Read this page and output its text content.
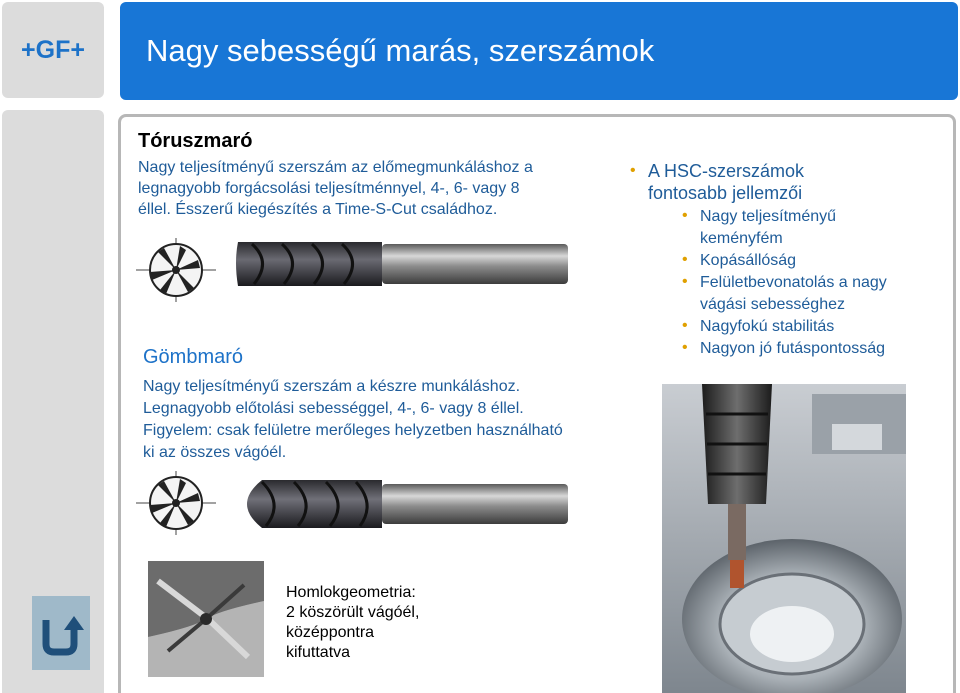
+GF+ Nagy sebességű marás, szerszámok
Tóruszmaró
Nagy teljesítményű szerszám az előmegmunkáláshoz a
legnagyobb forgácsolási teljesítménnyel, 4-, 6- vagy 8
éllel. Ésszerű kiegészítés a Time-S-Cut családhoz.
Gömbmaró
Nagy teljesítményű szerszám a készre munkáláshoz.
Legnagyobb előtolási sebességgel, 4-, 6- vagy 8 éllel.
Figyelem: csak felületre merőleges helyzetben használható
ki az összes vágóél.
• A HSC-szerszámok
fontosabb jellemzői
• Nagy teljesítményű
keményfém
• Kopásállóság
• Felületbevonatolás a nagy
vágási sebességhez
• Nagyfokú stabilitás
• Nagyon jó futáspontosság
Homlokgeometria:
2 köszörült vágóél,
középpontra
kifuttatva
